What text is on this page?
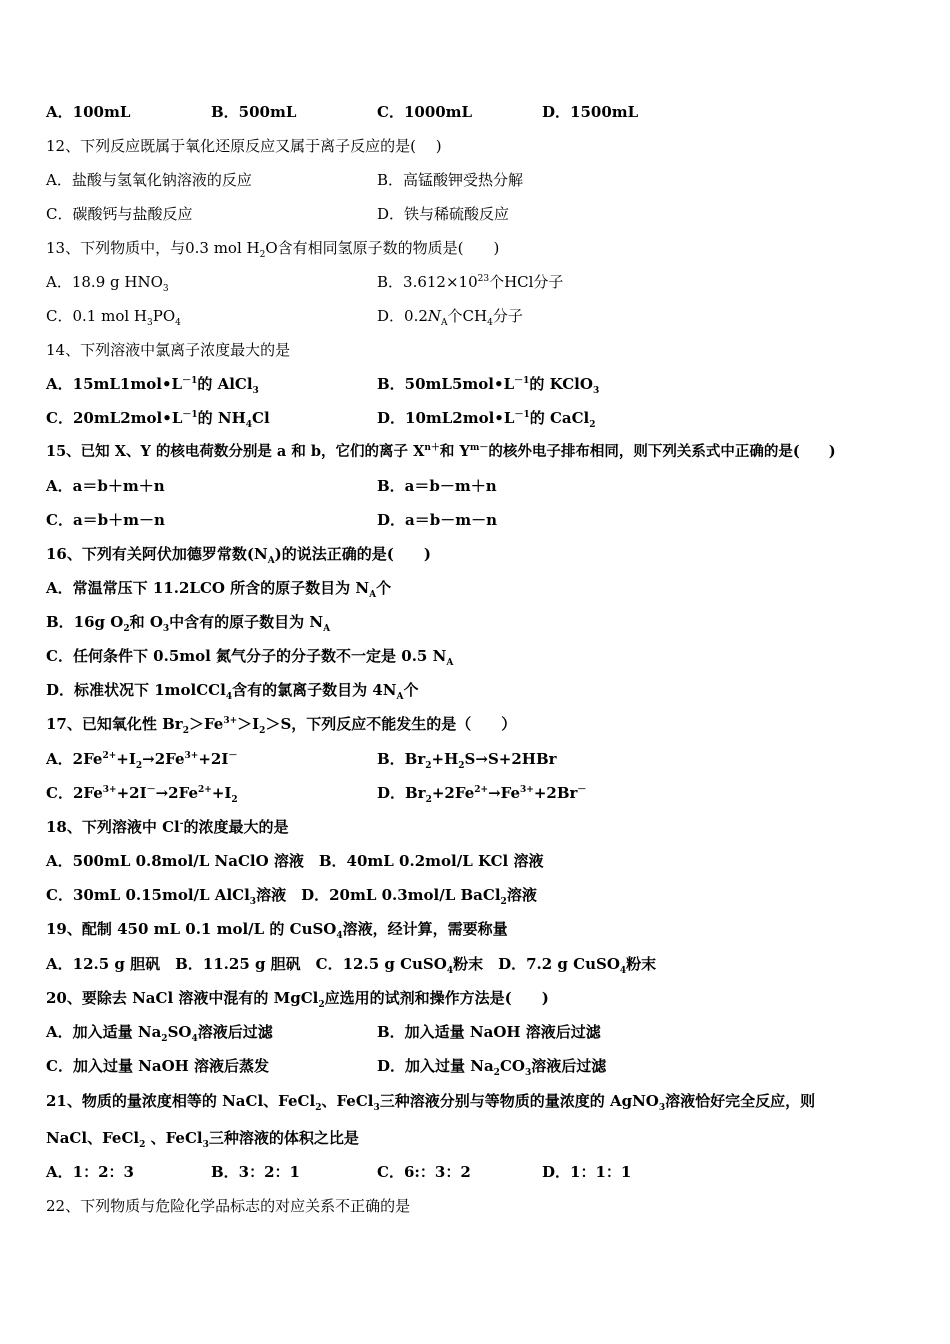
A．100mL	B．500mL	C．1000mL	D．1500mL
12、下列反应既属于氧化还原反应又属于离子反应的是(　 )
A．盐酸与氢氧化钠溶液的反应	B．高锰酸钾受热分解
C．碳酸钙与盐酸反应	D．铁与稀硫酸反应
13、下列物质中，与0.3 mol $H_2O$含有相同氢原子数的物质是(　　)
A．18.9 g $HNO_3$	B．$3.612\times 10^{23}$个HCl分子
C．0.1 mol $H_3PO_4$	D．$0.2N_A$个$CH_4$分子
14、下列溶液中氯离子浓度最大的是
A．$15mL1mol•L^{-1}$的 AlCl$_3$	B．$50mL5mol•L^{-1}$的 KClO$_3$
C．$20mL2mol•L^{-1}$的 $NH_4Cl$	D．$10mL2mol•L^{-1}$的 CaCl$_2$
15、已知 X、Y 的核电荷数分别是 a 和 b，它们的离子 $X^{n+}$和 $Y^{m-}$的核外电子排布相同，则下列关系式中正确的是(　　)
A．a＝b＋m＋n	B．a＝b－m＋n
C．a＝b＋m－n	D．a＝b－m－n
16、下列有关阿伏加德罗常数$(N_A)$的说法正确的是(　　)
A．常温常压下 11.2LCO 所含的原子数目为 $N_A$个
B．16g $O_2$和 $O_3$中含有的原子数目为 $N_A$
C．任何条件下 0.5mol 氮气分子的分子数不一定是 0.5 $N_A$
D．标准状况下 1molCCl$_4$含有的氯离子数目为 $4N_A$个
17、已知氧化性 $Br_2>Fe^{3+}>I_2>S$，下列反应不能发生的是（　　）
A．$2Fe^{2+}+I_2\to 2Fe^{3+}+2I^-$	B．$Br_2+H_2S\to S+2HBr$
C．$2Fe^{3+}+2I^-\to 2Fe^{2+}+I_2$	D．$Br_2+2Fe^{2+}\to Fe^{3+}+2Br^-$
18、下列溶液中 Cl-的浓度最大的是
A．500mL 0.8mol/L NaClO 溶液　B．40mL 0.2mol/L KCl 溶液
C．30mL 0.15mol/L AlCl$_3$溶液　D．20mL 0.3mol/L BaCl$_2$溶液
19、配制 450 mL 0.1 mol/L 的 CuSO$_4$溶液，经计算，需要称量
A．12.5 g 胆矾　B．11.25 g 胆矾　C．12.5 g CuSO$_4$粉末　D．7.2 g CuSO$_4$粉末
20、要除去 NaCl 溶液中混有的 MgCl$_2$应选用的试剂和操作方法是(　　)
A．加入适量 $Na_2SO_4$溶液后过滤	B．加入适量 NaOH 溶液后过滤
C．加入过量 NaOH 溶液后蒸发	D．加入过量 $Na_2CO_3$溶液后过滤
21、物质的量浓度相等的 NaCl、FeCl$_2$、FeCl$_3$三种溶液分别与等物质的量浓度的 AgNO$_3$溶液恰好完全反应，则
NaCl、FeCl$_2$ 、FeCl$_3$三种溶液的体积之比是
A．1：2：3	B．3：2：1	C．6:：3：2	D．1：1：1
22、下列物质与危险化学品标志的对应关系不正确的是
